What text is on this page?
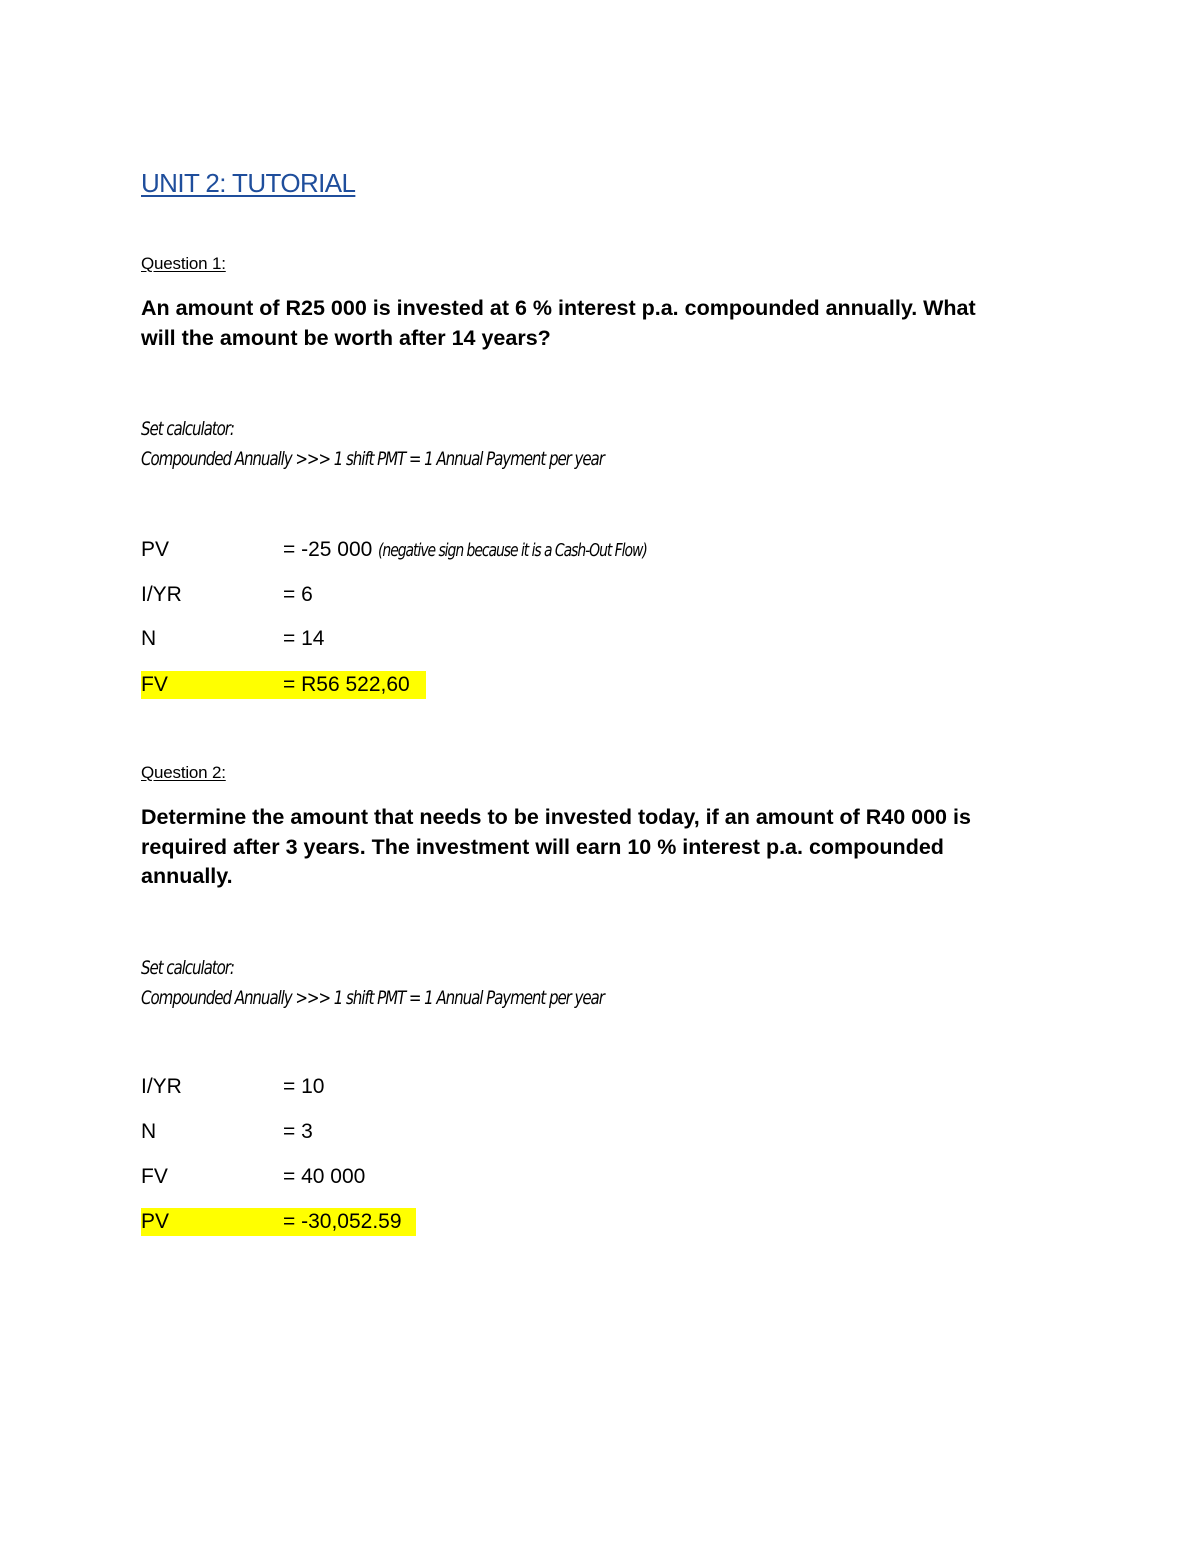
UNIT 2: TUTORIAL
Question 1:
An amount of R25 000 is invested at 6 % interest p.a. compounded annually. What
will the amount be worth after 14 years?
Set calculator:
Compounded Annually >>> 1 shift PMT = 1 Annual Payment per year
PV	= -25 000 (negative sign because it is a Cash-Out Flow)
I/YR	= 6
N	= 14
FV	= R56 522,60
Question 2:
Determine the amount that needs to be invested today, if an amount of R40 000 is
required after 3 years. The investment will earn 10 % interest p.a. compounded
annually.
Set calculator:
Compounded Annually >>> 1 shift PMT = 1 Annual Payment per year
I/YR	= 10
N	= 3
FV	= 40 000
PV	= -30,052.59
